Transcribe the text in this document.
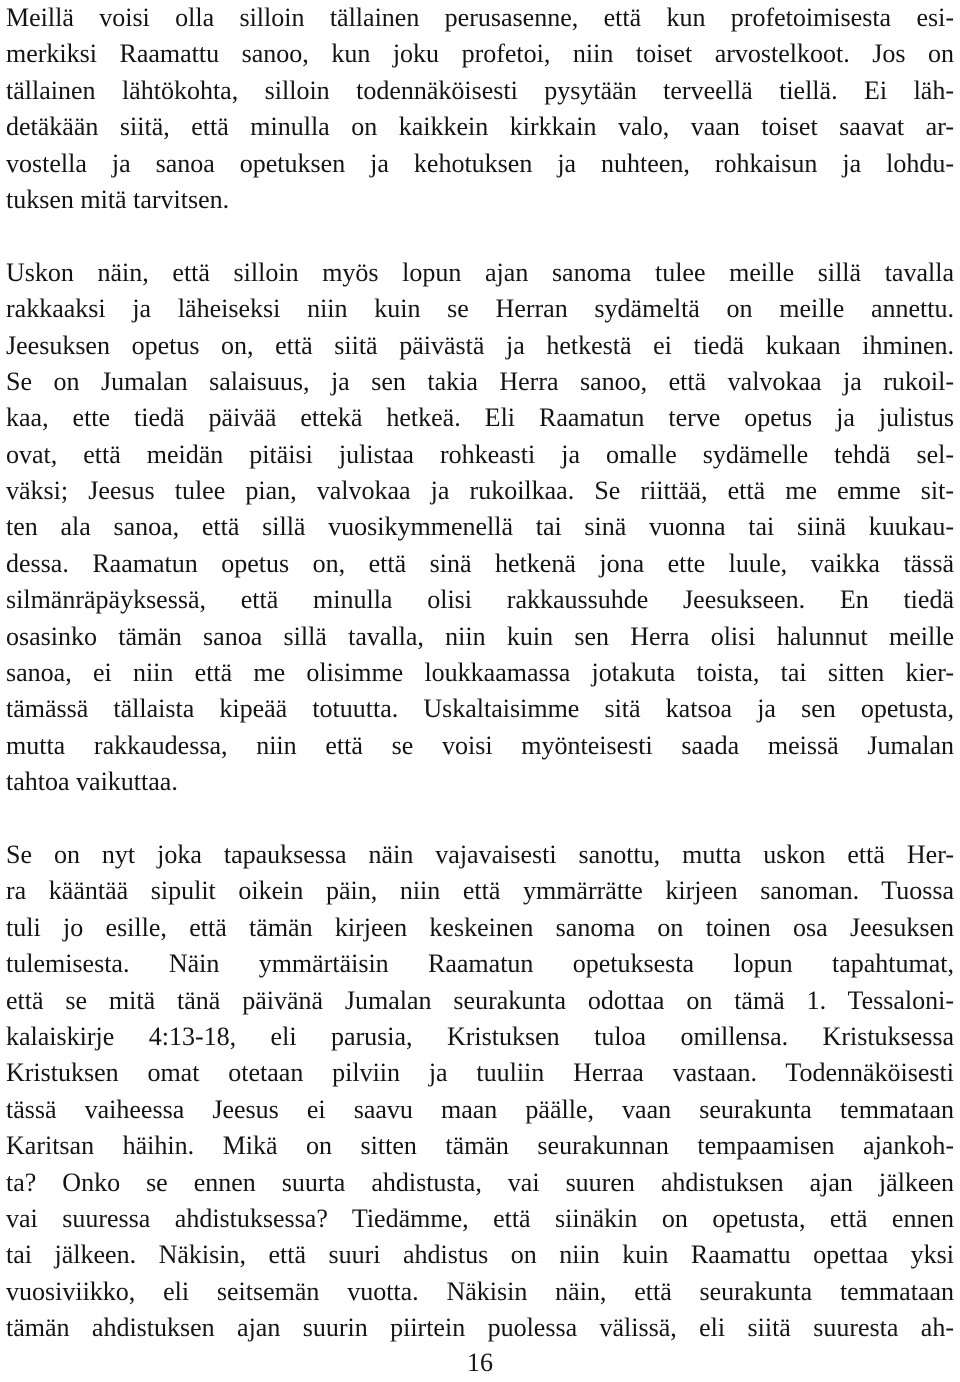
Meillä voisi olla silloin tällainen perusasenne, että kun profetoimisesta esi-
merkiksi Raamattu sanoo, kun joku profetoi, niin toiset arvostelkoot. Jos on
tällainen lähtökohta, silloin todennäköisesti pysytään terveellä tiellä. Ei läh-
detäkään siitä, että minulla on kaikkein kirkkain valo, vaan toiset saavat ar-
vostella ja sanoa opetuksen ja kehotuksen ja nuhteen, rohkaisun ja lohdu-
tuksen mitä tarvitsen.
Uskon näin, että silloin myös lopun ajan sanoma tulee meille sillä tavalla
rakkaaksi ja läheiseksi niin kuin se Herran sydämeltä on meille annettu.
Jeesuksen opetus on, että siitä päivästä ja hetkestä ei tiedä kukaan ihminen.
Se on Jumalan salaisuus, ja sen takia Herra sanoo, että valvokaa ja rukoil-
kaa, ette tiedä päivää ettekä hetkeä. Eli Raamatun terve opetus ja julistus
ovat, että meidän pitäisi julistaa rohkeasti ja omalle sydämelle tehdä sel-
väksi; Jeesus tulee pian, valvokaa ja rukoilkaa. Se riittää, että me emme sit-
ten ala sanoa, että sillä vuosikymmenellä tai sinä vuonna tai siinä kuukau-
dessa. Raamatun opetus on, että sinä hetkenä jona ette luule, vaikka tässä
silmänräpäyksessä, että minulla olisi rakkaussuhde Jeesukseen. En tiedä
osasinko tämän sanoa sillä tavalla, niin kuin sen Herra olisi halunnut meille
sanoa, ei niin että me olisimme loukkaamassa jotakuta toista, tai sitten kier-
tämässä tällaista kipeää totuutta. Uskaltaisimme sitä katsoa ja sen opetusta,
mutta rakkaudessa, niin että se voisi myönteisesti saada meissä Jumalan
tahtoa vaikuttaa.
Se on nyt joka tapauksessa näin vajavaisesti sanottu, mutta uskon että Her-
ra kääntää sipulit oikein päin, niin että ymmärrätte kirjeen sanoman. Tuossa
tuli jo esille, että tämän kirjeen keskeinen sanoma on toinen osa Jeesuksen
tulemisesta. Näin ymmärtäisin Raamatun opetuksesta lopun tapahtumat,
että se mitä tänä päivänä Jumalan seurakunta odottaa on tämä 1. Tessaloni-
kalaiskirje 4:13-18, eli parusia, Kristuksen tuloa omillensa. Kristuksessa
Kristuksen omat otetaan pilviin ja tuuliin Herraa vastaan. Todennäköisesti
tässä vaiheessa Jeesus ei saavu maan päälle, vaan seurakunta temmataan
Karitsan häihin. Mikä on sitten tämän seurakunnan tempaamisen ajankoh-
ta? Onko se ennen suurta ahdistusta, vai suuren ahdistuksen ajan jälkeen
vai suuressa ahdistuksessa? Tiedämme, että siinäkin on opetusta, että ennen
tai jälkeen. Näkisin, että suuri ahdistus on niin kuin Raamattu opettaa yksi
vuosiviikko, eli seitsemän vuotta. Näkisin näin, että seurakunta temmataan
tämän ahdistuksen ajan suurin piirtein puolessa välissä, eli siitä suuresta ah-
16
